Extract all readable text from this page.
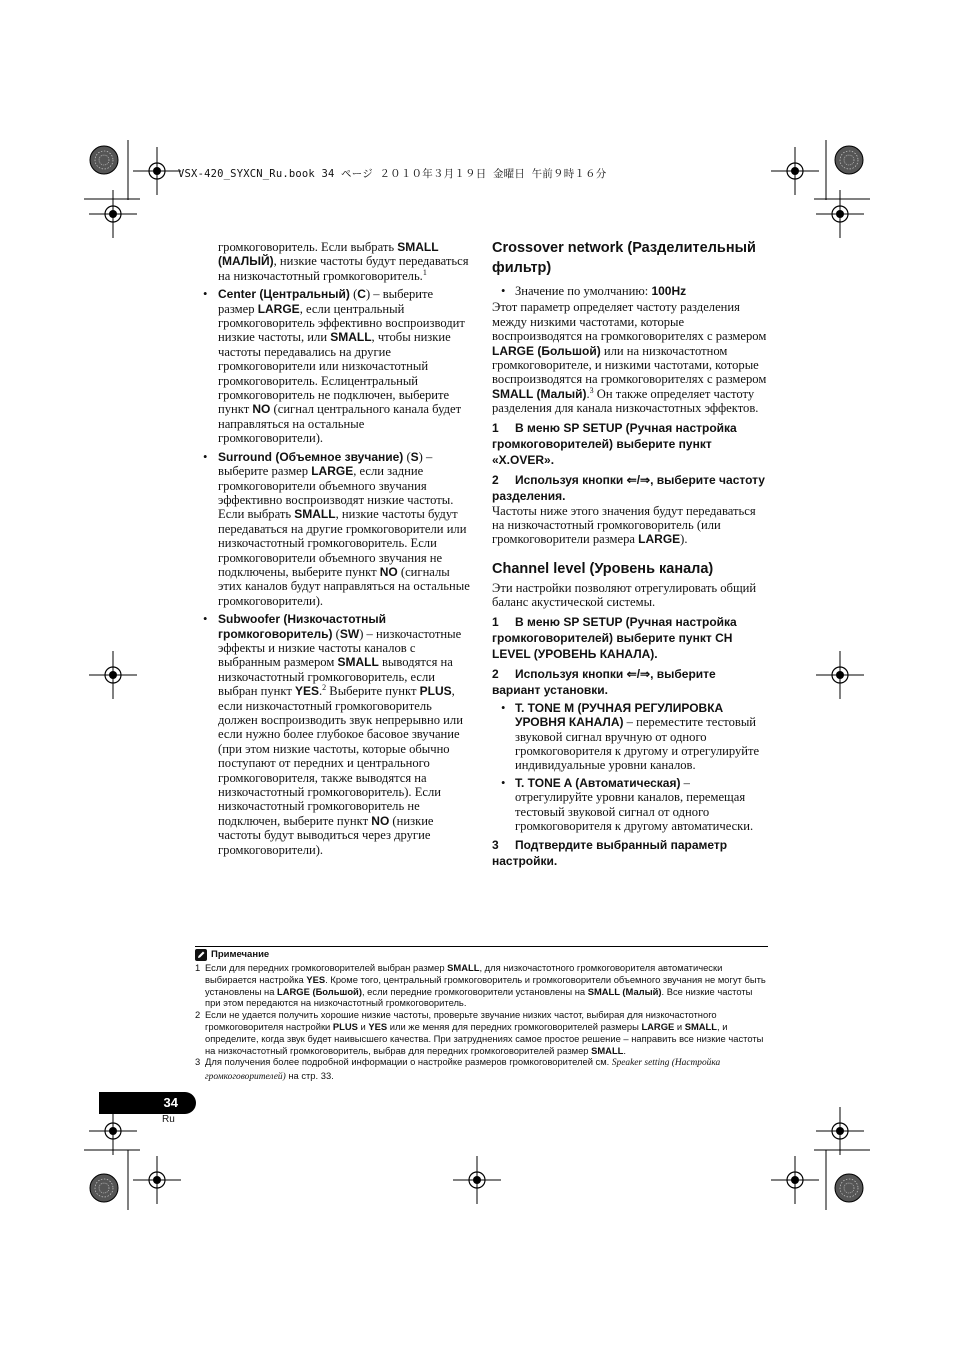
VSX-420_SYXCN_Ru.book 34 ページ ２０１０年３月１９日 金曜日 午前９時１６分
громкоговоритель. Если выбрать SMALL (МАЛЫЙ), низкие частоты будут передаваться на низкочастотный громкоговоритель.$^1$
• Center (Центральный) (C) – выберите размер LARGE, если центральный громкоговоритель эффективно воспроизводит низкие частоты, или SMALL, чтобы низкие частоты передавались на другие громкоговорители или низкочастотный громкоговоритель. Еслицентральный громкоговоритель не подключен, выберите пункт NO (сигнал центрального канала будет направляться на остальные громкоговорители).
• Surround (Объемное звучание) (S) – выберите размер LARGE, если задние громкоговорители объемного звучания эффективно воспроизводят низкие частоты. Если выбрать SMALL, низкие частоты будут передаваться на другие громкоговорители или низкочастотный громкоговоритель. Если громкоговорители объемного звучания не подключены, выберите пункт NO (сигналы этих каналов будут направляться на остальные громкоговорители).
• Subwoofer (Низкочастотный громкоговоритель) (SW) – низкочастотные эффекты и низкие частоты каналов с выбранным размером SMALL выводятся на низкочастотный громкоговоритель, если выбран пункт YES.$^2$ Выберите пункт PLUS, если низкочастотный громкоговоритель должен воспроизводить звук непрерывно или если нужно более глубокое басовое звучание (при этом низкие частоты, которые обычно поступают от передних и центрального громкоговорителя, также выводятся на низкочастотный громкоговоритель). Если низкочастотный громкоговоритель не подключен, выберите пункт NO (низкие частоты будут выводиться через другие громкоговорители).
Crossover network (Разделительный фильтр)
• Значение по умолчанию: 100Hz

Этот параметр определяет частоту разделения между низкими частотами, которые воспроизводятся на громкоговорителях с размером LARGE (Большой) или на низкочастотном громкоговорителе, и низкими частотами, которые воспроизводятся на громкоговорителях с размером SMALL (Малый).$^3$ Он также определяет частоту разделения для канала низкочастотных эффектов.

1	В меню SP SETUP (Ручная настройка громкоговорителей) выберите пункт «X.OVER».
2	Используя кнопки ⇐/⇒, выберите частоту разделения.

Частоты ниже этого значения будут передаваться на низкочастотный громкоговоритель (или громкоговорители размера LARGE).

Channel level (Уровень канала)

Эти настройки позволяют отрегулировать общий баланс акустической системы.

1	В меню SP SETUP (Ручная настройка громкоговорителей) выберите пункт CH LEVEL (УРОВЕНЬ КАНАЛА).
2	Используя кнопки ⇐/⇒, выберите вариант установки.
• T. TONE M (РУЧНАЯ РЕГУЛИРОВКА УРОВНЯ КАНАЛА) – переместите тестовый звуковой сигнал вручную от одного громкоговорителя к другому и отрегулируйте индивидуальные уровни каналов.
• T. TONE A (Автоматическая) – отрегулируйте уровни каналов, перемещая тестовый звуковой сигнал от одного громкоговорителя к другому автоматически.
3	Подтвердите выбранный параметр настройки.
Примечание
1 Если для передних громкоговорителей выбран размер SMALL, для низкочастотного громкоговорителя автоматически выбирается настройка YES. Кроме того, центральный громкоговоритель и громкоговорители объемного звучания не могут быть установлены на LARGE (Большой), если передние громкоговорители установлены на SMALL (Малый). Все низкие частоты при этом передаются на низкочастотный громкоговоритель.
2 Если не удается получить хорошие низкие частоты, проверьте звучание низких частот, выбирая для низкочастотного громкоговорителя настройки PLUS и YES или же меняя для передних громкоговорителей размеры LARGE и SMALL, и определите, когда звук будет наивысшего качества. При затруднениях самое простое решение – направить все низкие частоты на низкочастотный громкоговоритель, выбрав для передних громкоговорителей размер SMALL.
3 Для получения более подробной информации о настройке размеров громкоговорителей см. Speaker setting (Настройка громкоговорителей) на стр. 33.
34
Ru
